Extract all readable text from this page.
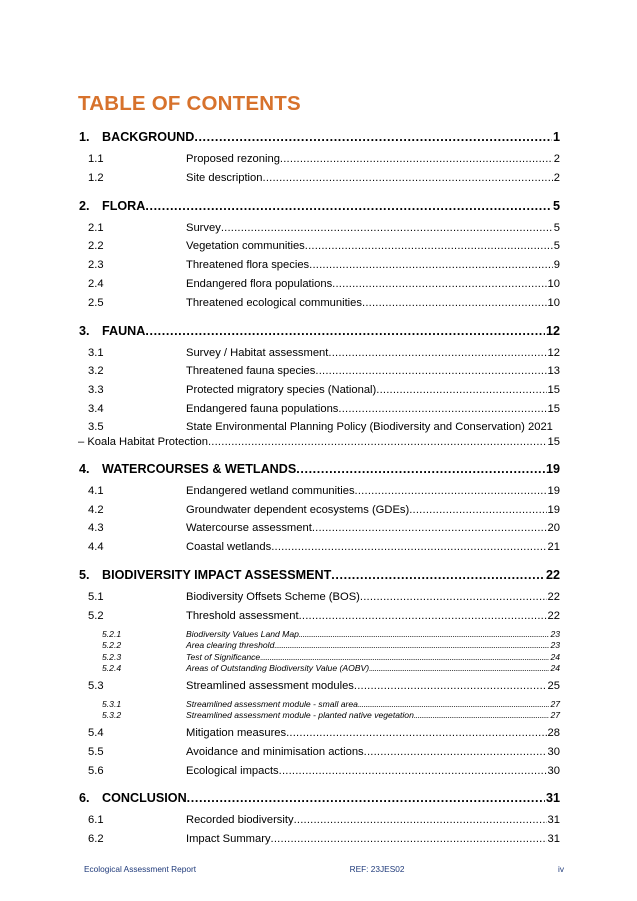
TABLE OF CONTENTS
1. BACKGROUND . . .	1
1.1	Proposed rezoning . . .	2
1.2	Site description . . .	2
2. FLORA . . .	5
2.1	Survey . . .	5
2.2	Vegetation communities . . .	5
2.3	Threatened flora species . . .	9
2.4	Endangered flora populations . . .	10
2.5	Threatened ecological communities . . .	10
3. FAUNA . . .	12
3.1	Survey / Habitat assessment . . .	12
3.2	Threatened fauna species . . .	13
3.3	Protected migratory species (National) . . .	15
3.4	Endangered fauna populations . . .	15
3.5	State Environmental Planning Policy (Biodiversity and Conservation) 2021
– Koala Habitat Protection . . .	15
4. WATERCOURSES & WETLANDS . . .	19
4.1	Endangered wetland communities . . .	19
4.2	Groundwater dependent ecosystems (GDEs) . . .	19
4.3	Watercourse assessment . . .	20
4.4	Coastal wetlands . . .	21
5. BIODIVERSITY IMPACT ASSESSMENT . . .	22
5.1	Biodiversity Offsets Scheme (BOS) . . .	22
5.2	Threshold assessment . . .	22
5.2.1	Biodiversity Values Land Map . . .	23
5.2.2	Area clearing threshold . . .	23
5.2.3	Test of Significance . . .	24
5.2.4	Areas of Outstanding Biodiversity Value (AOBV) . . .	24
5.3	Streamlined assessment modules . . .	25
5.3.1	Streamlined assessment module - small area . . .	27
5.3.2	Streamlined assessment module - planted native vegetation . . .	27
5.4	Mitigation measures . . .	28
5.5	Avoidance and minimisation actions . . .	30
5.6	Ecological impacts . . .	30
6. CONCLUSION . . .	31
6.1	Recorded biodiversity . . .	31
6.2	Impact Summary . . .	31
Ecological Assessment Report	REF: 23JES02	iv
